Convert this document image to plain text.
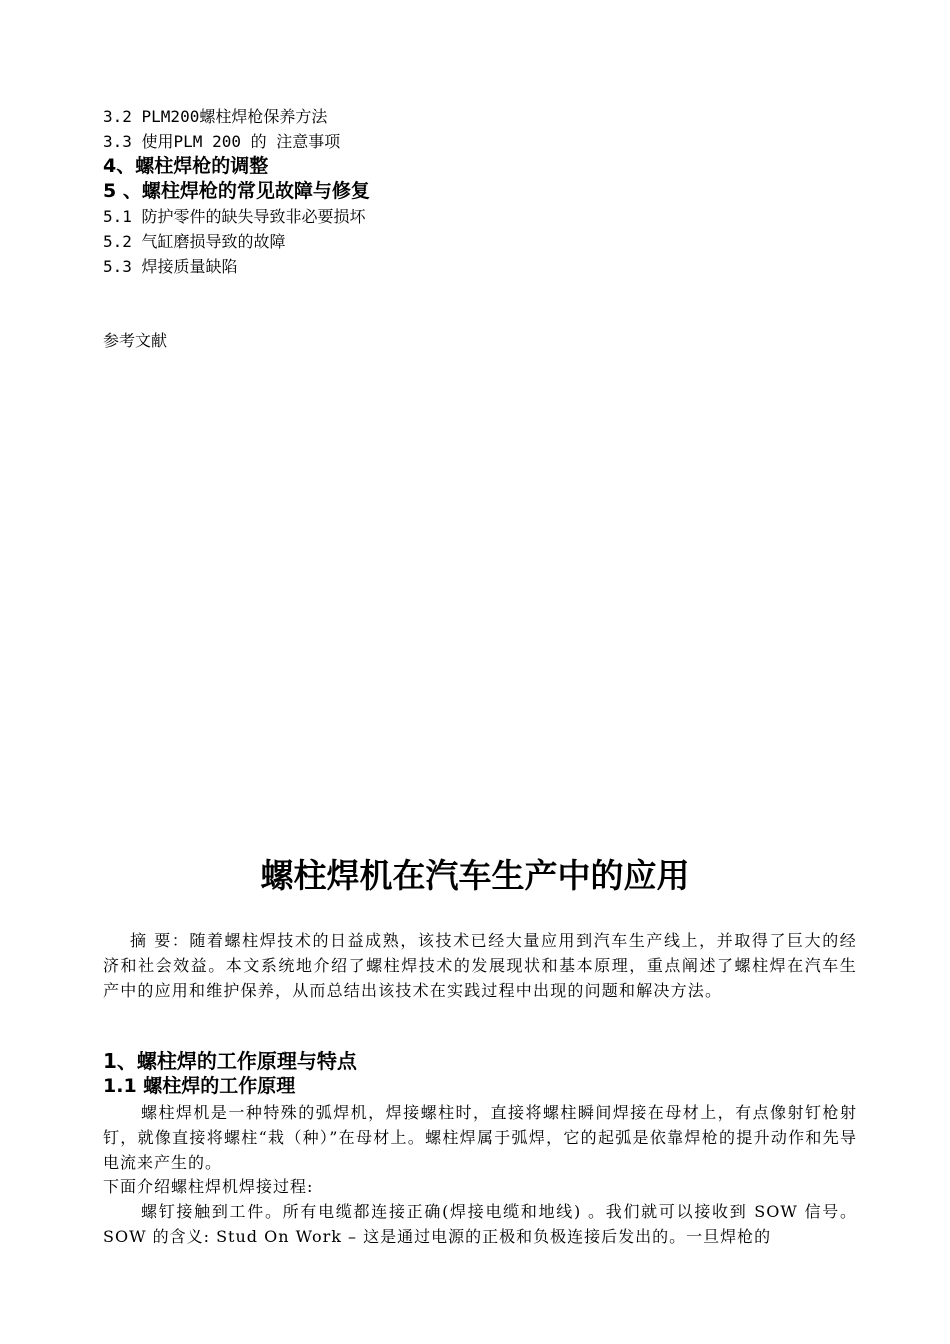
3.2 PLM200螺柱焊枪保养方法
3.3 使用PLM 200 的 注意事项
4、螺柱焊枪的调整
5 、螺柱焊枪的常见故障与修复
5.1 防护零件的缺失导致非必要损坏
5.2 气缸磨损导致的故障
5.3 焊接质量缺陷
参考文献
螺柱焊机在汽车生产中的应用
摘 要：随着螺柱焊技术的日益成熟，该技术已经大量应用到汽车生产线上，并取得了巨大的经济和社会效益。本文系统地介绍了螺柱焊技术的发展现状和基本原理，重点阐述了螺柱焊在汽车生产中的应用和维护保养，从而总结出该技术在实践过程中出现的问题和解决方法。
1、螺柱焊的工作原理与特点
1.1 螺柱焊的工作原理
螺柱焊机是一种特殊的弧焊机，焊接螺柱时，直接将螺柱瞬间焊接在母材上，有点像射钉枪射钉，就像直接将螺柱“栽（种）”在母材上。螺柱焊属于弧焊，它的起弧是依靠焊枪的提升动作和先导电流来产生的。
下面介绍螺柱焊机焊接过程:
螺钉接触到工件。所有电缆都连接正确(焊接电缆和地线) 。我们就可以接收到 SOW 信号。SOW 的含义: Stud On Work – 这是通过电源的正极和负极连接后发出的。一旦焊枪的
